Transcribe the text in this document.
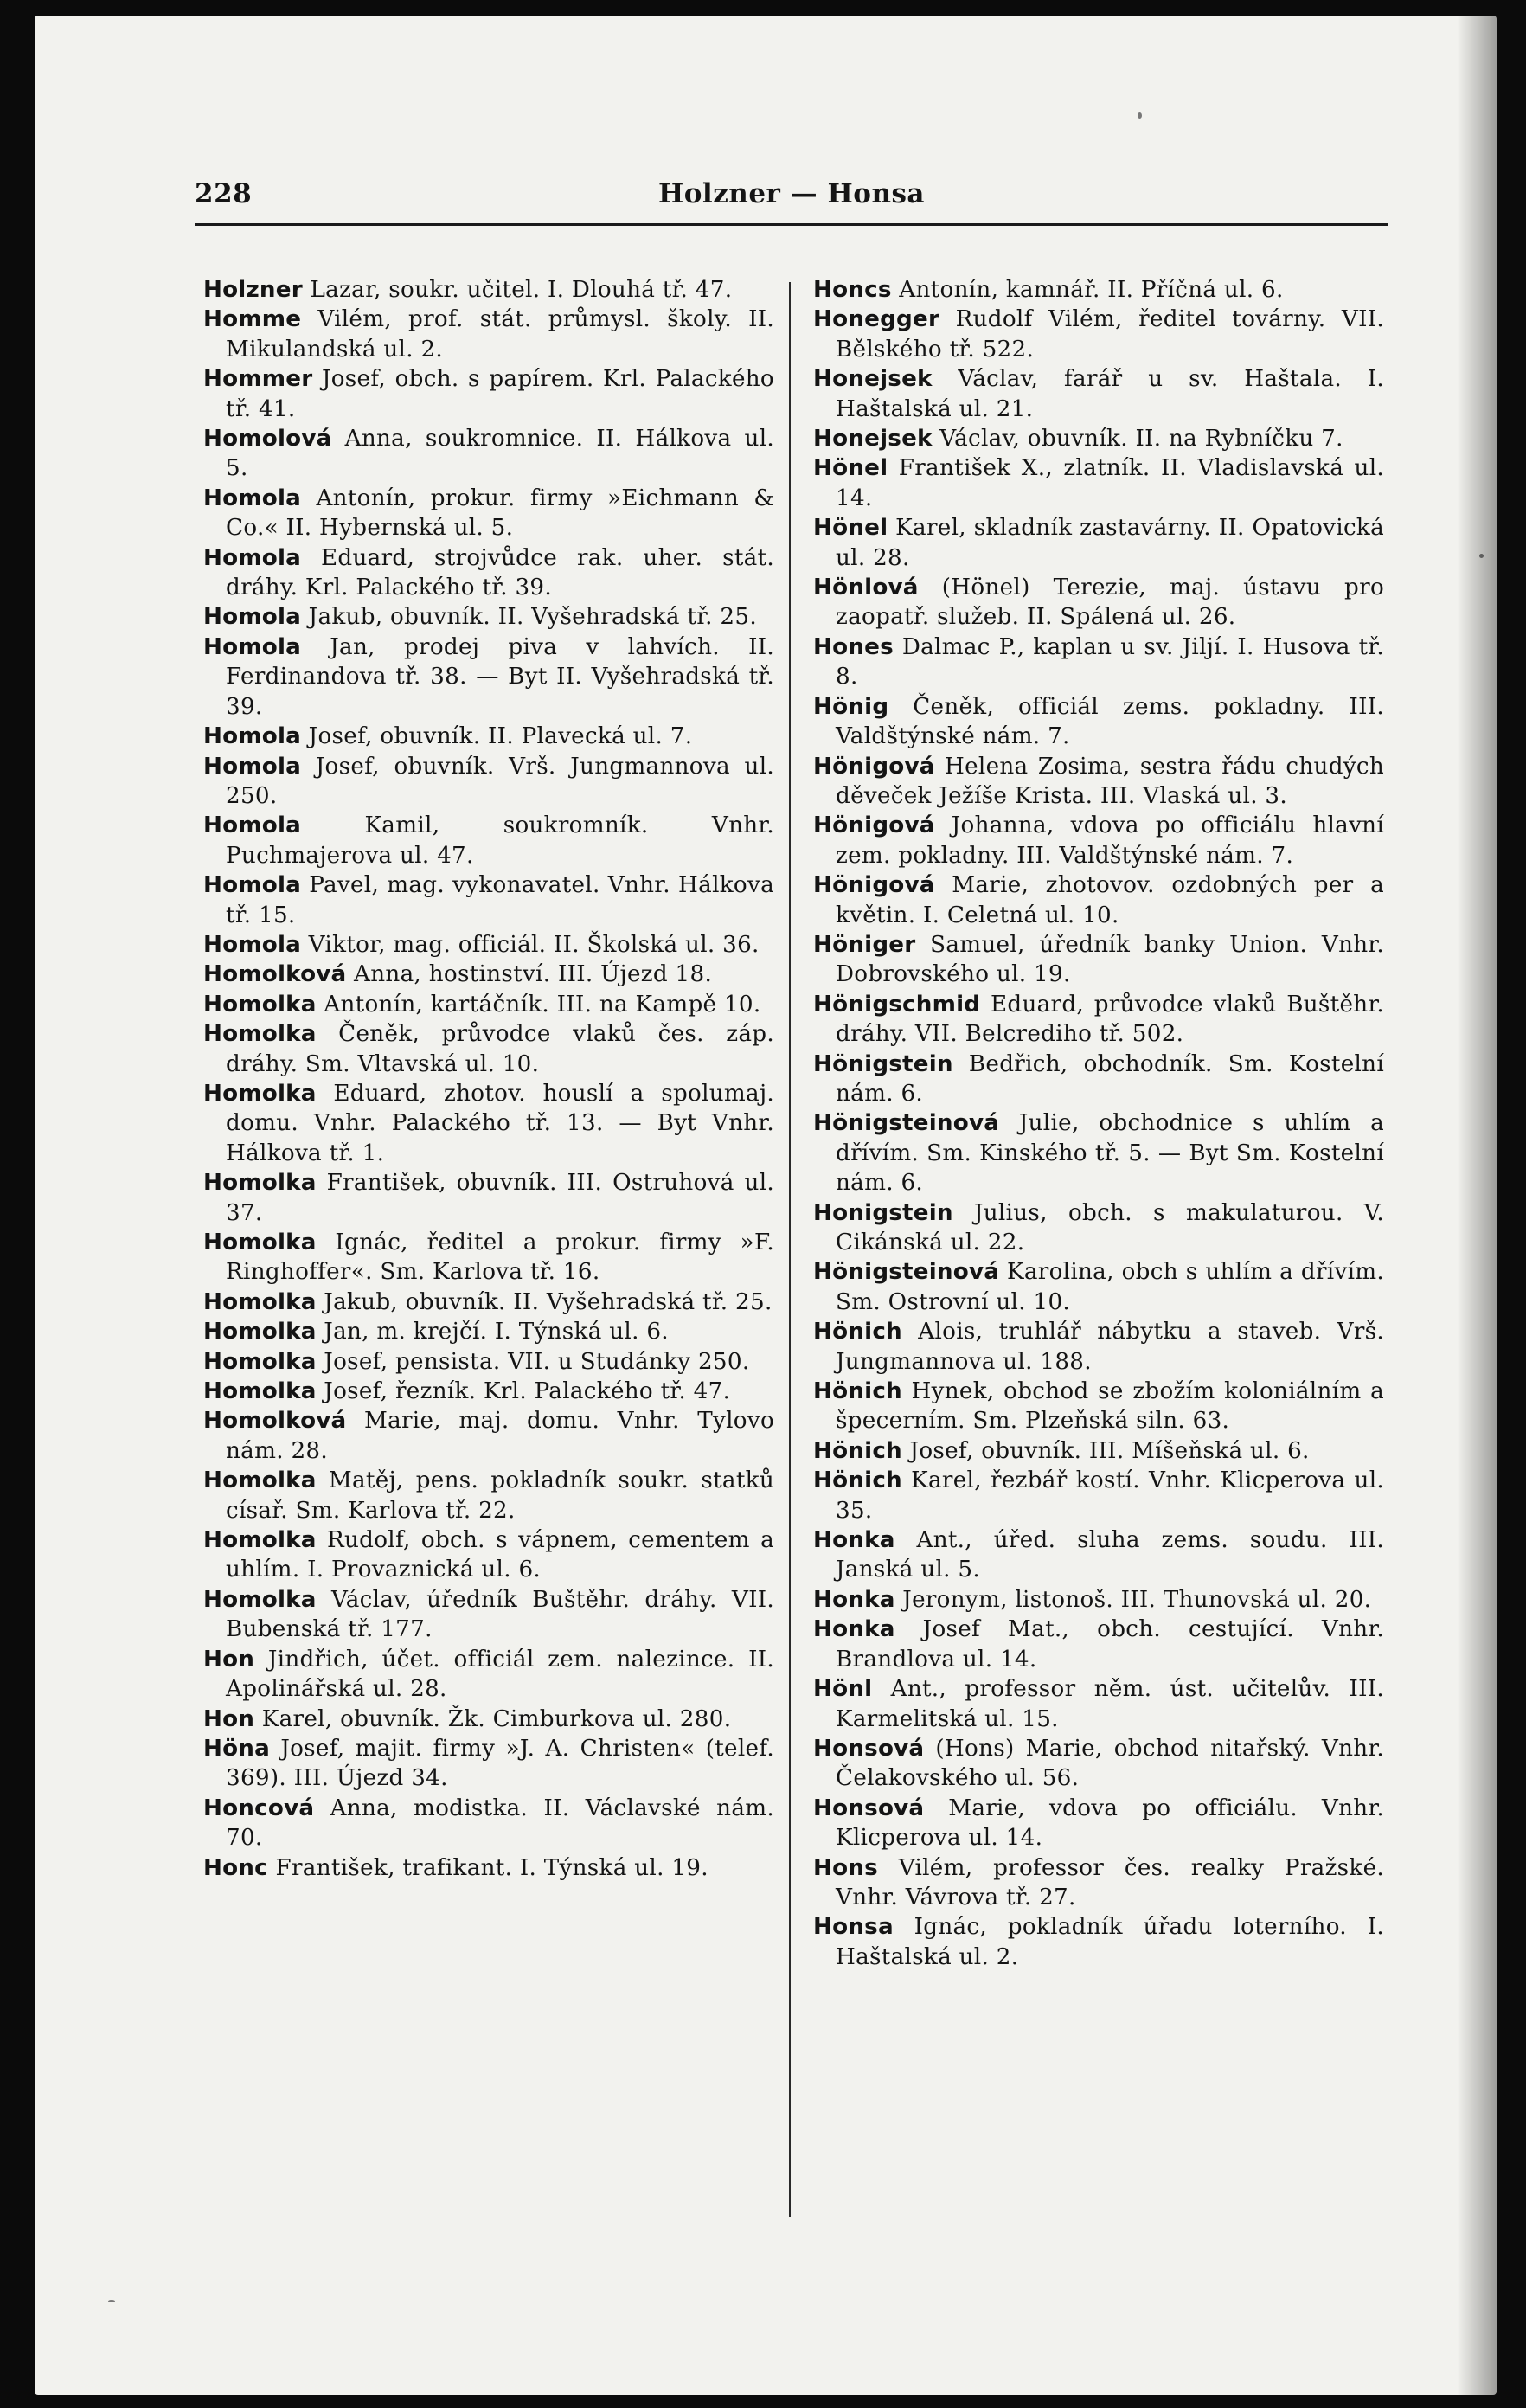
228	Holzner — Honsa

Holzner Lazar, soukr. učitel. I. Dlouhá tř. 47.

Homme Vilém, prof. stát. průmysl. školy. II. Mikulandská ul. 2.

Hommer Josef, obch. s papírem. Krl. Palackého tř. 41.

Homolová Anna, soukromnice. II. Hálkova ul. 5.

Homola Antonín, prokur. firmy »Eichmann & Co.« II. Hybernská ul. 5.

Homola Eduard, strojvůdce rak. uher. stát. dráhy. Krl. Palackého tř. 39.

Homola Jakub, obuvník. II. Vyšehradská tř. 25.

Homola Jan, prodej piva v lahvích. II. Ferdinandova tř. 38. — Byt II. Vyšehradská tř. 39.

Homola Josef, obuvník. II. Plavecká ul. 7.

Homola Josef, obuvník. Vrš. Jungmannova ul. 250.

Homola	Kamil, soukromník. Vnhr. Puchmajerova ul. 47.

Homola Pavel, mag. vykonavatel. Vnhr. Hálkova tř. 15.

Homola Viktor, mag. officiál. II. Školská ul. 36.

Homolková Anna, hostinství. III. Újezd 18.

Homolka Antonín, kartáčník. III. na Kampě 10.

Homolka Čeněk, průvodce vlaků čes. záp. dráhy. Sm. Vltavská ul. 10.

Homolka Eduard, zhotov. houslí a spolumaj. domu. Vnhr. Palackého tř. 13. — Byt Vnhr. Hálkova tř. 1.

Homolka František, obuvník. III. Ostruhová ul. 37.

Homolka Ignác, ředitel a prokur. firmy »F. Ringhoffer«. Sm. Karlova tř. 16.

Homolka Jakub, obuvník. II. Vyšehradská tř. 25.

Homolka Jan, m. krejčí. I. Týnská ul. 6.

Homolka Josef, pensista. VII. u Studánky 250.

Homolka Josef, řezník. Krl. Palackého tř. 47.

Homolková Marie, maj. domu. Vnhr. Tylovo nám. 28.

Homolka Matěj, pens. pokladník soukr. statků císař. Sm. Karlova tř. 22.

Homolka Rudolf, obch. s vápnem, cementem a uhlím. I. Provaznická ul. 6.

Homolka Václav, úředník Buštěhr. dráhy. VII. Bubenská tř. 177.

Hon Jindřich, účet. officiál zem. nalezince. II. Apolinářská ul. 28.

Hon Karel, obuvník. Žk. Cimburkova ul. 280.

Höna Josef, majit. firmy »J. A. Christen« (telef. 369). III. Újezd 34.

Honcová Anna, modistka. II. Václavské nám. 70.

Honc František, trafikant. I. Týnská ul. 19.

Honcs Antonín, kamnář. II. Příčná ul. 6.

Honegger Rudolf Vilém, ředitel továrny. VII. Bělského tř. 522.

Honejsek Václav, farář u sv. Haštala. I. Haštalská ul. 21.

Honejsek Václav, obuvník. II. na Rybníčku 7.

Hönel František X., zlatník. II. Vladislavská ul. 14.

Hönel Karel, skladník zastavárny. II. Opatovická ul. 28.

Hönlová (Hönel) Terezie, maj. ústavu pro zaopatř. služeb. II. Spálená ul. 26.

Hones Dalmac P., kaplan u sv. Jiljí. I. Husova tř. 8.

Hönig Čeněk, officiál zems. pokladny. III. Valdštýnské nám. 7.

Hönigová Helena Zosima, sestra řádu chudých děveček Ježíše Krista. III. Vlaská ul. 3.

Hönigová Johanna, vdova po officiálu hlavní zem. pokladny. III. Valdštýnské nám. 7.

Hönigová Marie, zhotovov. ozdobných per a květin. I. Celetná ul. 10.

Höniger Samuel, úředník banky Union. Vnhr. Dobrovského ul. 19.

Hönigschmid Eduard, průvodce vlaků Buštěhr. dráhy. VII. Belcrediho tř. 502.

Hönigstein Bedřich, obchodník. Sm. Kostelní nám. 6.

Hönigsteinová Julie, obchodnice s uhlím a dřívím. Sm. Kinského tř. 5. — Byt Sm. Kostelní nám. 6.

Honigstein Julius, obch. s makulaturou. V. Cikánská ul. 22.

Hönigsteinová Karolina, obch s uhlím a dřívím. Sm. Ostrovní ul. 10.

Hönich Alois, truhlář nábytku a staveb. Vrš. Jungmannova ul. 188.

Hönich Hynek, obchod se zbožím koloniálním a špecerním. Sm. Plzeňská siln. 63.

Hönich Josef, obuvník. III. Míšeňská ul. 6.

Hönich Karel, řezbář kostí. Vnhr. Klicperova ul. 35.

Honka Ant., úřed. sluha zems. soudu. III. Janská ul. 5.

Honka Jeronym, listonoš. III. Thunovská ul. 20.

Honka Josef Mat., obch. cestující. Vnhr. Brandlova ul. 14.

Hönl Ant., professor něm. úst. učitelův. III. Karmelitská ul. 15.

Honsová (Hons) Marie, obchod nitařský. Vnhr. Čelakovského ul. 56.

Honsová Marie, vdova po officiálu. Vnhr. Klicperova ul. 14.

Hons Vilém, professor čes. realky Pražské. Vnhr. Vávrova tř. 27.

Honsa Ignác, pokladník úřadu loterního. I. Haštalská ul. 2.
